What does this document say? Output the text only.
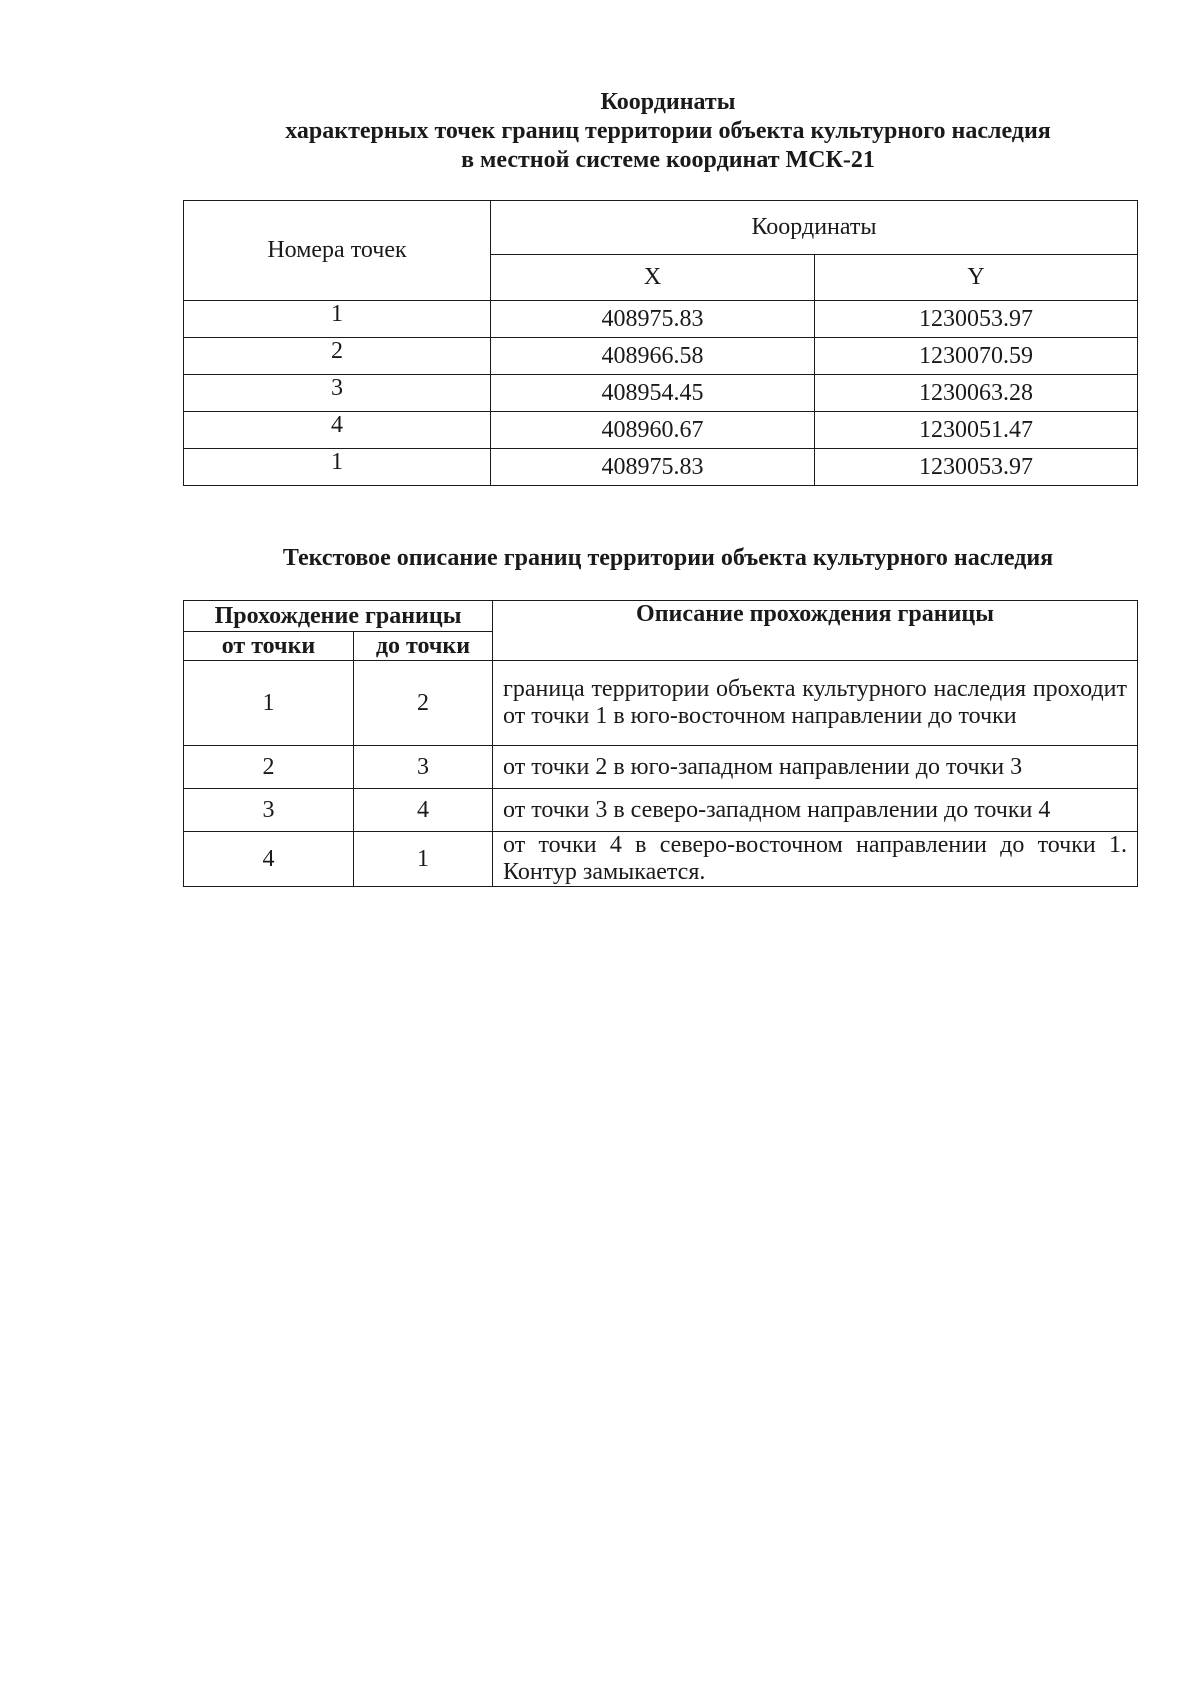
Координаты
характерных точек границ территории объекта культурного наследия
в местной системе координат МСК-21
Номера точек	Координаты	
	X	Y
1	408975.83	1230053.97
2	408966.58	1230070.59
3	408954.45	1230063.28
4	408960.67	1230051.47
1	408975.83	1230053.97
Текстовое описание границ территории объекта культурного наследия
Прохождение границы		Описание прохождения границы
от точки	до точки	
1	2	граница территории объекта культурного наследия проходит от точки 1 в юго-восточном направлении до точки

2	3	от точки 2 в юго-западном направлении до точки 3

3	4	от точки 3 в северо-западном направлении до точки 4

4	1	от точки 4 в северо-восточном направлении до точки 1. Контур замыкается.
